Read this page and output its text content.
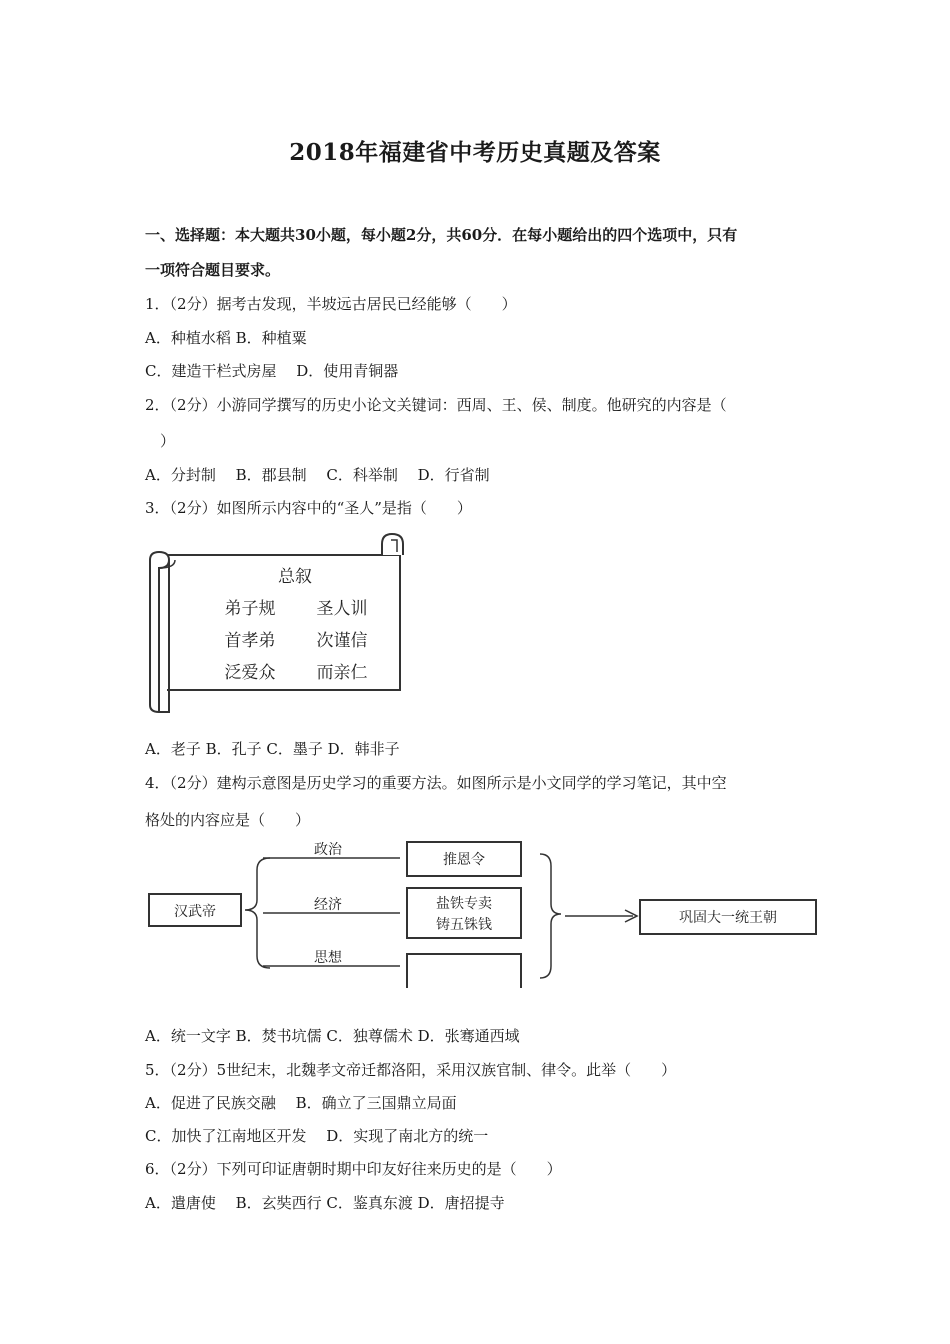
2018年福建省中考历史真题及答案
一、选择题：本大题共30小题，每小题2分，共60分．在每小题给出的四个选项中，只有
一项符合题目要求。
1．（2分）据考古发现，半坡远古居民已经能够（　　）
A．种植水稻 B．种植粟
C．建造干栏式房屋　 D．使用青铜器
2．（2分）小游同学撰写的历史小论文关键词：西周、王、侯、制度。他研究的内容是（
　）
A．分封制　 B．郡县制　 C．科举制　 D．行省制
3．（2分）如图所示内容中的“圣人”是指（　　）
总叙
弟子规 圣人训
首孝弟 次谨信
泛爱众 而亲仁
A．老子 B．孔子 C．墨子 D．韩非子
4．（2分）建构示意图是历史学习的重要方法。如图所示是小文同学的学习笔记，其中空
格处的内容应是（　　）
汉武帝
政治
经济
思想
推恩令
盐铁专卖
铸五铢钱	巩固大一统王朝
A．统一文字 B．焚书坑儒 C．独尊儒术 D．张骞通西域
5．（2分）5世纪末，北魏孝文帝迁都洛阳，采用汉族官制、律令。此举（　　）
A．促进了民族交融　 B．确立了三国鼎立局面
C．加快了江南地区开发　 D．实现了南北方的统一
6．（2分）下列可印证唐朝时期中印友好往来历史的是（　　）
A．遣唐使　 B．玄奘西行 C．鉴真东渡 D．唐招提寺
